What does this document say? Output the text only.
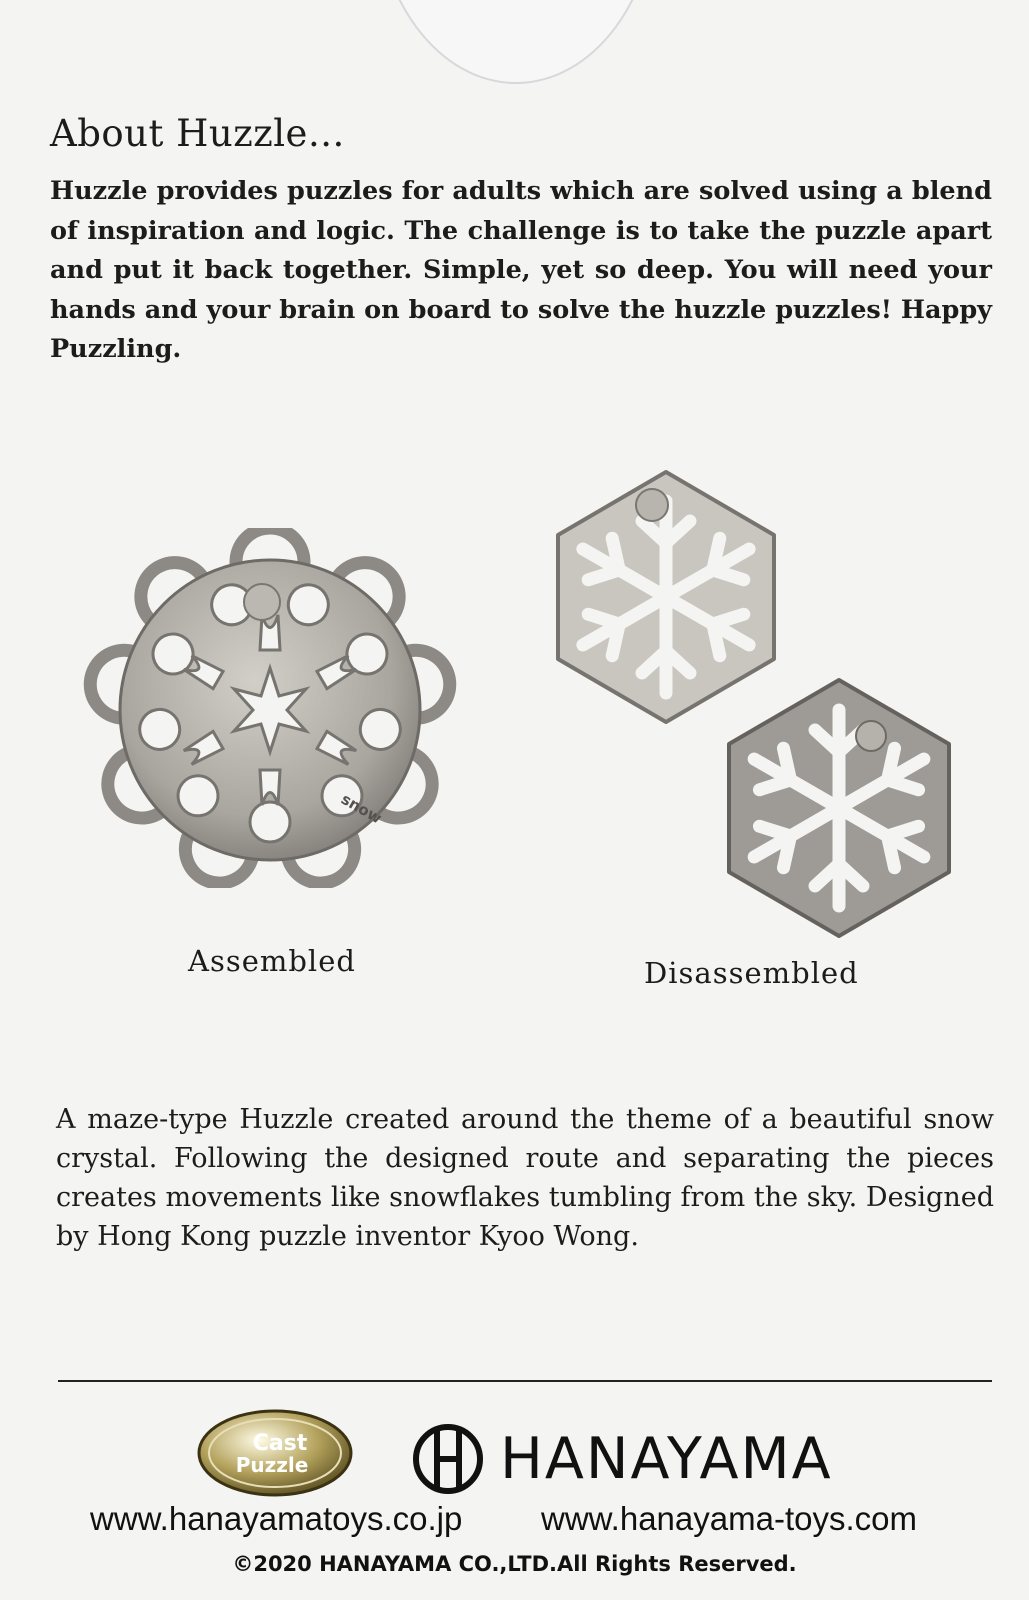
About Huzzle...

Huzzle provides puzzles for adults which are solved using a blend of inspiration and logic. The challenge is to take the puzzle apart and put it back together. Simple, yet so deep. You will need your hands and your brain on board to solve the huzzle puzzles! Happy Puzzling.

snow
Assembled	Disassembled

A maze-type Huzzle created around the theme of a beautiful snow crystal. Following the designed route and separating the pieces creates movements like snowflakes tumbling from the sky. Designed by Hong Kong puzzle inventor Kyoo Wong.

Cast
Puzzle	HANAYAMA
www.hanayamatoys.co.jp www.hanayama-toys.com
©2020 HANAYAMA CO.,LTD.All Rights Reserved.
